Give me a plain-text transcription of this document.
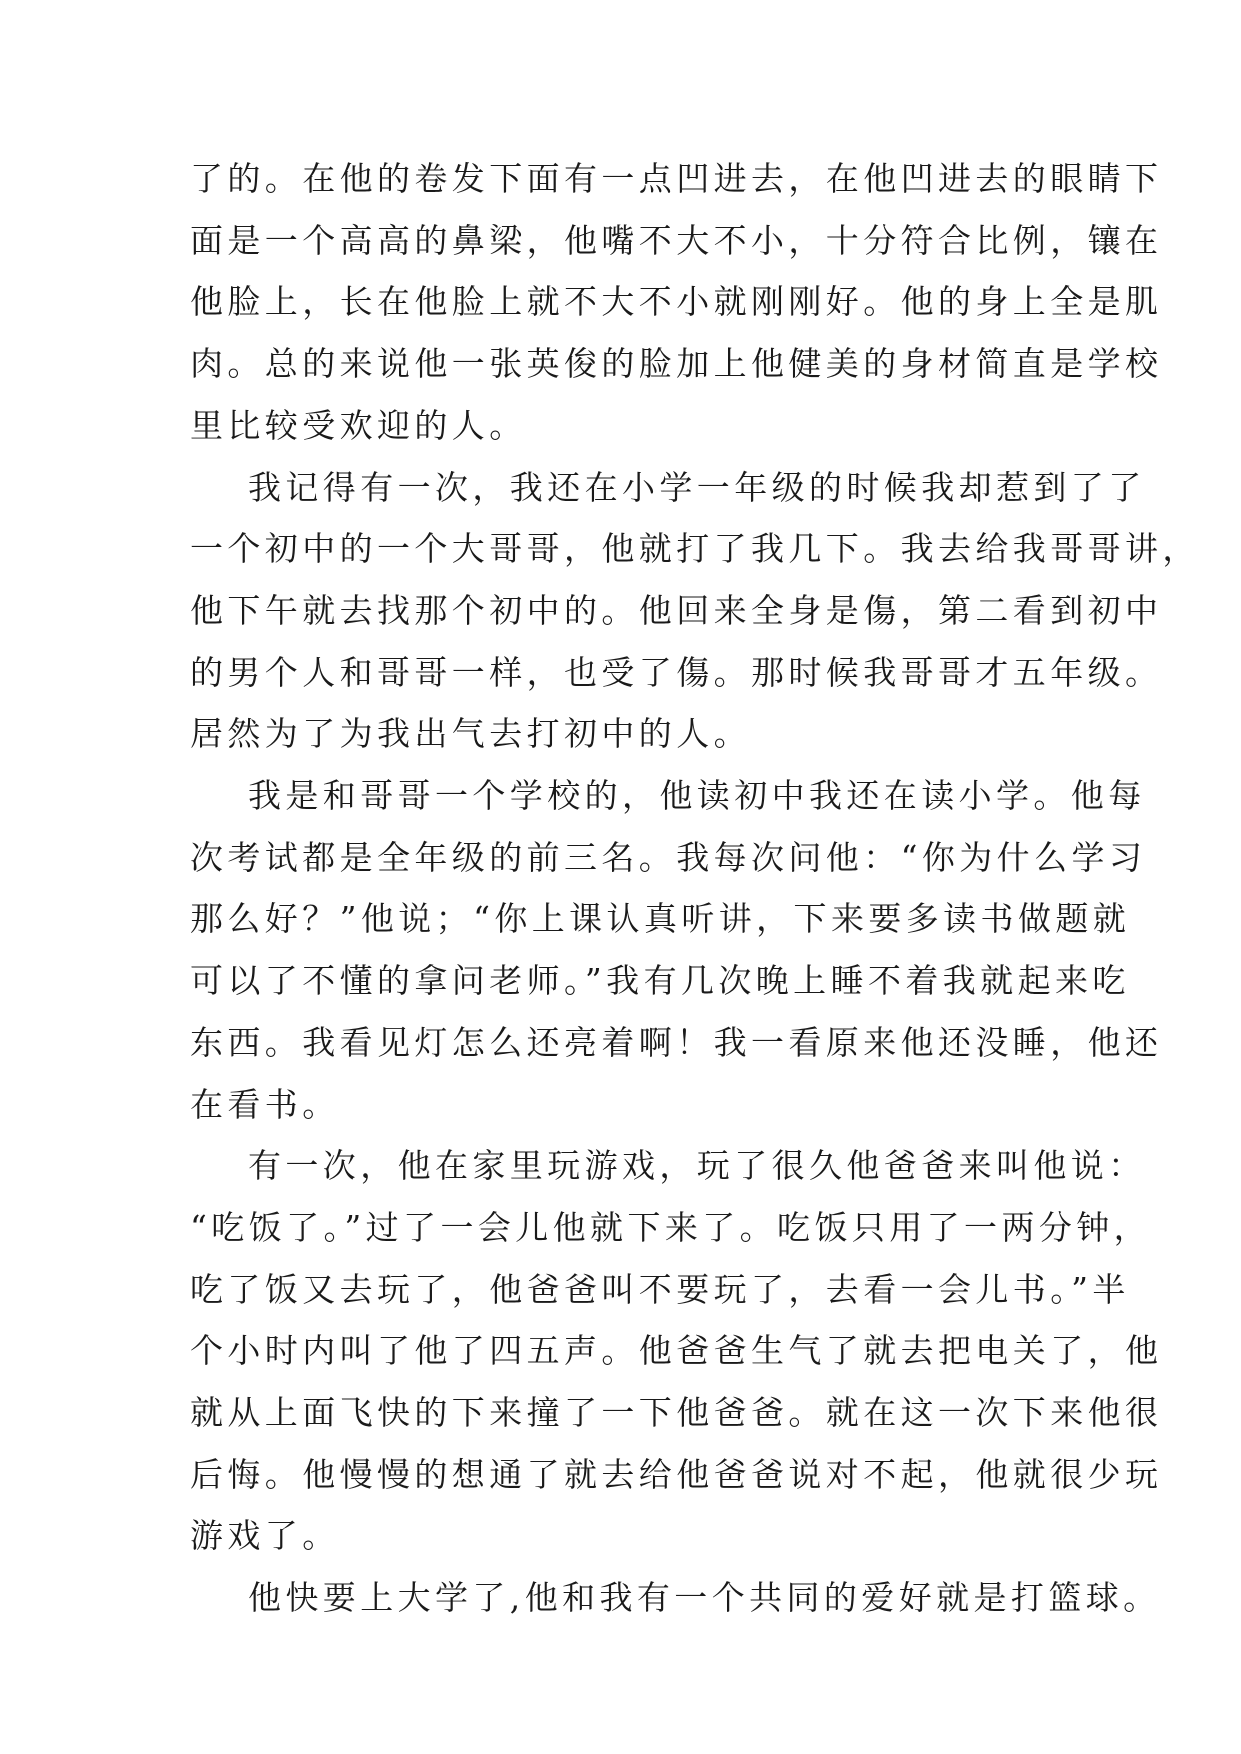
了的。在他的卷发下面有一点凹进去，在他凹进去的眼睛下
面是一个高高的鼻梁，他嘴不大不小，十分符合比例，镶在
他脸上，长在他脸上就不大不小就刚刚好。他的身上全是肌
肉。总的来说他一张英俊的脸加上他健美的身材简直是学校
里比较受欢迎的人。
我记得有一次，我还在小学一年级的时候我却惹到了了
一个初中的一个大哥哥，他就打了我几下。我去给我哥哥讲，
他下午就去找那个初中的。他回来全身是傷，第二看到初中
的男个人和哥哥一样，也受了傷。那时候我哥哥才五年级。
居然为了为我出气去打初中的人。
我是和哥哥一个学校的，他读初中我还在读小学。他每
次考试都是全年级的前三名。我每次问他：“你为什么学习
那么好？”他说；“你上课认真听讲，下来要多读书做题就
可以了不懂的拿问老师。”我有几次晚上睡不着我就起来吃
东西。我看见灯怎么还亮着啊！我一看原来他还没睡，他还
在看书。
有一次，他在家里玩游戏，玩了很久他爸爸来叫他说：
“吃饭了。”过了一会儿他就下来了。吃饭只用了一两分钟，
吃了饭又去玩了，他爸爸叫不要玩了，去看一会儿书。”半
个小时内叫了他了四五声。他爸爸生气了就去把电关了，他
就从上面飞快的下来撞了一下他爸爸。就在这一次下来他很
后悔。他慢慢的想通了就去给他爸爸说对不起，他就很少玩
游戏了。
他快要上大学了,他和我有一个共同的爱好就是打篮球。
